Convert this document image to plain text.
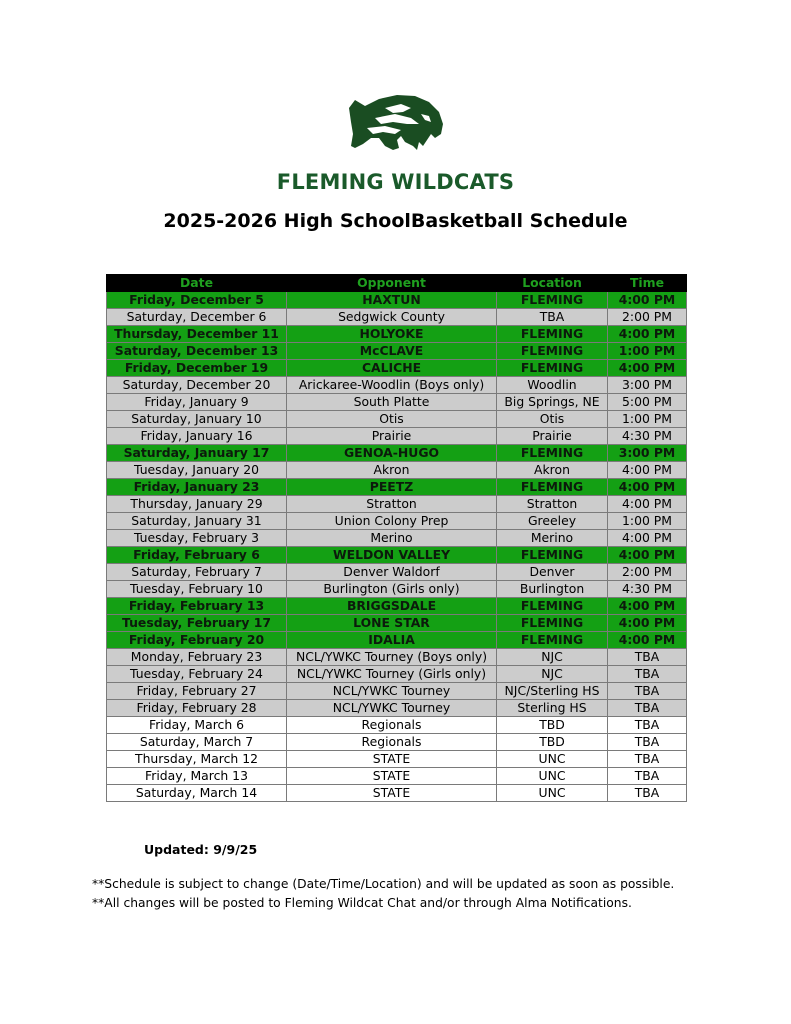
FLEMING WILDCATS
2025-2026 High SchoolBasketball Schedule
Date	Opponent	Location	Time
Friday, December 5	HAXTUN	FLEMING	4:00 PM
Saturday, December 6	Sedgwick County	TBA	2:00 PM
Thursday, December 11	HOLYOKE	FLEMING	4:00 PM
Saturday, December 13	McCLAVE	FLEMING	1:00 PM
Friday, December 19	CALICHE	FLEMING	4:00 PM
Saturday, December 20	Arickaree-Woodlin (Boys only)	Woodlin	3:00 PM
Friday, January 9	South Platte	Big Springs, NE	5:00 PM
Saturday, January 10	Otis	Otis	1:00 PM
Friday, January 16	Prairie	Prairie	4:30 PM
Saturday, January 17	GENOA-HUGO	FLEMING	3:00 PM
Tuesday, January 20	Akron	Akron	4:00 PM
Friday, January 23	PEETZ	FLEMING	4:00 PM
Thursday, January 29	Stratton	Stratton	4:00 PM
Saturday, January 31	Union Colony Prep	Greeley	1:00 PM
Tuesday, February 3	Merino	Merino	4:00 PM
Friday, February 6	WELDON VALLEY	FLEMING	4:00 PM
Saturday, February 7	Denver Waldorf	Denver	2:00 PM
Tuesday, February 10	Burlington (Girls only)	Burlington	4:30 PM
Friday, February 13	BRIGGSDALE	FLEMING	4:00 PM
Tuesday, February 17	LONE STAR	FLEMING	4:00 PM
Friday, February 20	IDALIA	FLEMING	4:00 PM
Monday, February 23	NCL/YWKC Tourney (Boys only)	NJC	TBA
Tuesday, February 24	NCL/YWKC Tourney (Girls only)	NJC	TBA
Friday, February 27	NCL/YWKC Tourney	NJC/Sterling HS	TBA
Friday, February 28	NCL/YWKC Tourney	Sterling HS	TBA
Friday, March 6	Regionals	TBD	TBA
Saturday, March 7	Regionals	TBD	TBA
Thursday, March 12	STATE	UNC	TBA
Friday, March 13	STATE	UNC	TBA
Saturday, March 14	STATE	UNC	TBA
Updated: 9/9/25
**Schedule is subject to change (Date/Time/Location) and will be updated as soon as possible.
**All changes will be posted to Fleming Wildcat Chat and/or through Alma Notifications.
